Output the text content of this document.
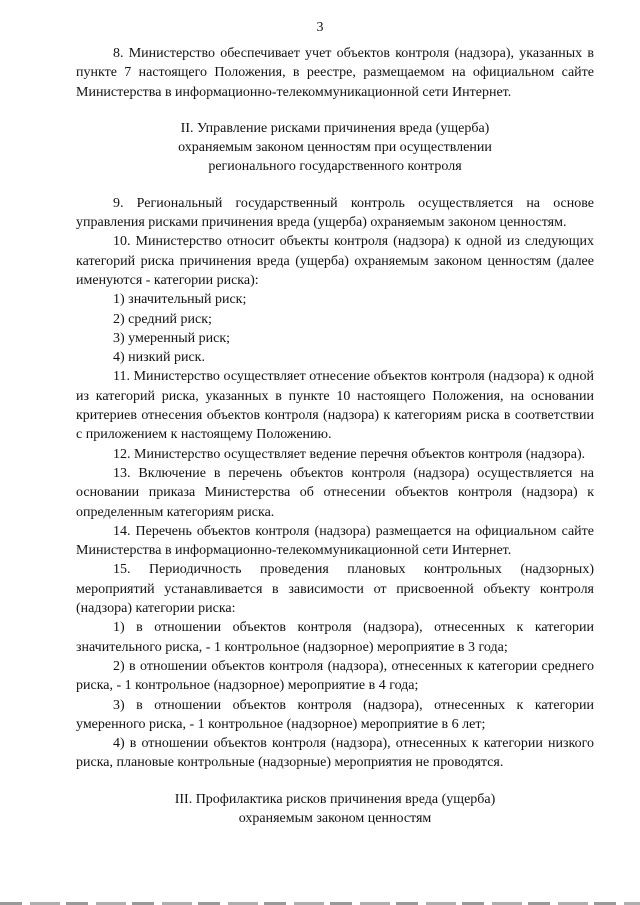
3

8. Министерство обеспечивает учет объектов контроля (надзора), указанных в пункте 7 настоящего Положения, в реестре, размещаемом на официальном сайте Министерства в информационно-телекоммуникационной сети Интернет.

II. Управление рисками причинения вреда (ущерба)
охраняемым законом ценностям при осуществлении
регионального государственного контроля

9. Региональный государственный контроль осуществляется на основе управления рисками причинения вреда (ущерба) охраняемым законом ценностям.

10. Министерство относит объекты контроля (надзора) к одной из следующих категорий риска причинения вреда (ущерба) охраняемым законом ценностям (далее именуются - категории риска):

1) значительный риск;

2) средний риск;

3) умеренный риск;

4) низкий риск.

11. Министерство осуществляет отнесение объектов контроля (надзора) к одной из категорий риска, указанных в пункте 10 настоящего Положения, на основании критериев отнесения объектов контроля (надзора) к категориям риска в соответствии с приложением к настоящему Положению.

12. Министерство осуществляет ведение перечня объектов контроля (надзора).

13. Включение в перечень объектов контроля (надзора) осуществляется на основании приказа Министерства об отнесении объектов контроля (надзора) к определенным категориям риска.

14. Перечень объектов контроля (надзора) размещается на официальном сайте Министерства в информационно-телекоммуникационной сети Интернет.

15. Периодичность проведения плановых контрольных (надзорных) мероприятий устанавливается в зависимости от присвоенной объекту контроля (надзора) категории риска:

1) в отношении объектов контроля (надзора), отнесенных к категории значительного риска, - 1 контрольное (надзорное) мероприятие в 3 года;

2) в отношении объектов контроля (надзора), отнесенных к категории среднего риска, - 1 контрольное (надзорное) мероприятие в 4 года;

3) в отношении объектов контроля (надзора), отнесенных к категории умеренного риска, - 1 контрольное (надзорное) мероприятие в 6 лет;

4) в отношении объектов контроля (надзора), отнесенных к категории низкого риска, плановые контрольные (надзорные) мероприятия не проводятся.

III. Профилактика рисков причинения вреда (ущерба)
охраняемым законом ценностям
